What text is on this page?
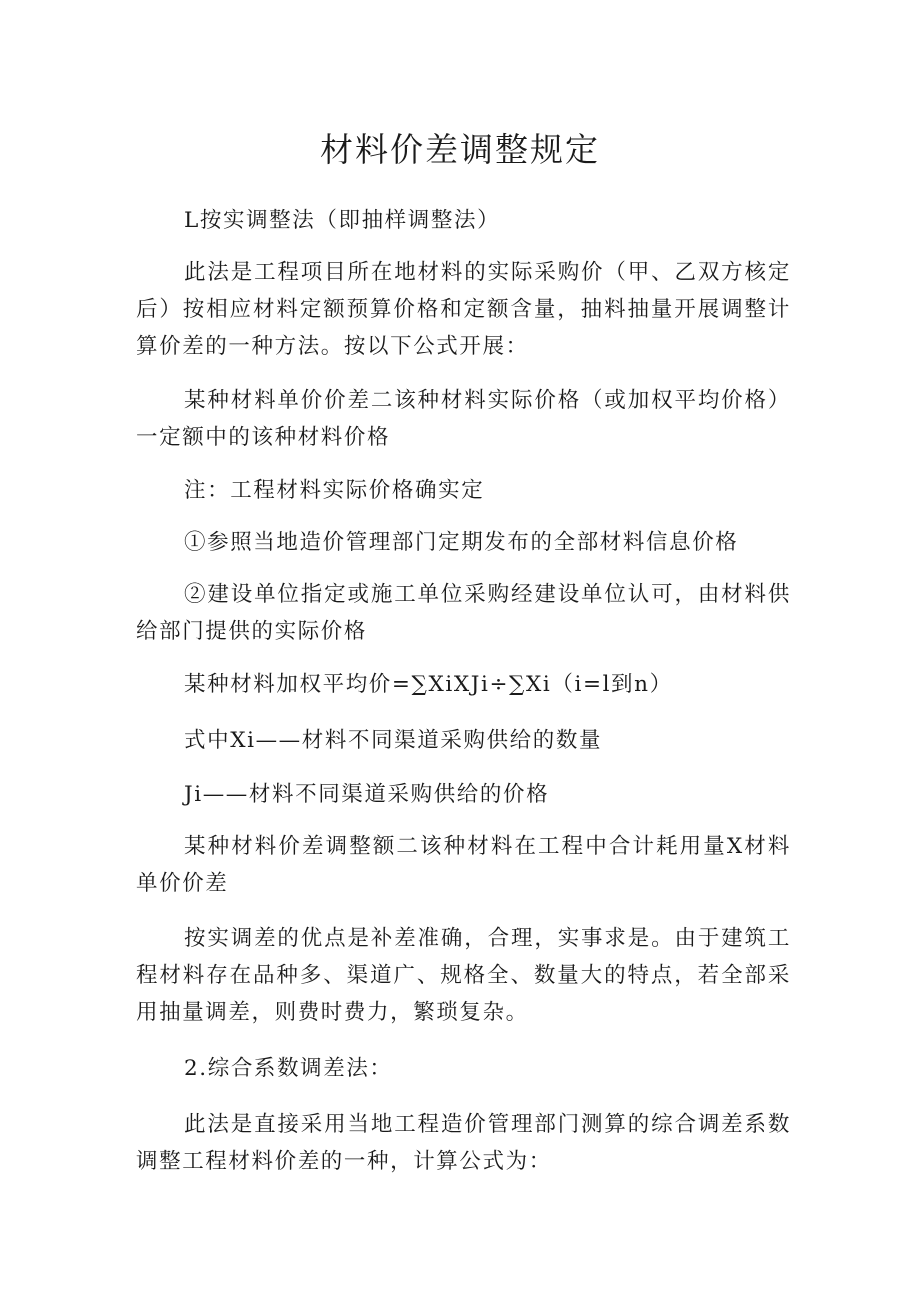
材料价差调整规定

L按实调整法（即抽样调整法）

此法是工程项目所在地材料的实际采购价（甲、乙双方核定后）按相应材料定额预算价格和定额含量，抽料抽量开展调整计算价差的一种方法。按以下公式开展：

某种材料单价价差二该种材料实际价格（或加权平均价格）一定额中的该种材料价格

注：工程材料实际价格确实定

①参照当地造价管理部门定期发布的全部材料信息价格

②建设单位指定或施工单位采购经建设单位认可，由材料供给部门提供的实际价格

某种材料加权平均价=∑XiXJi÷∑Xi（i=l到n）

式中Xi——材料不同渠道采购供给的数量

Ji——材料不同渠道采购供给的价格

某种材料价差调整额二该种材料在工程中合计耗用量X材料单价价差

按实调差的优点是补差准确，合理，实事求是。由于建筑工程材料存在品种多、渠道广、规格全、数量大的特点，若全部采用抽量调差，则费时费力，繁琐复杂。

2.综合系数调差法：

此法是直接采用当地工程造价管理部门测算的综合调差系数调整工程材料价差的一种，计算公式为：
